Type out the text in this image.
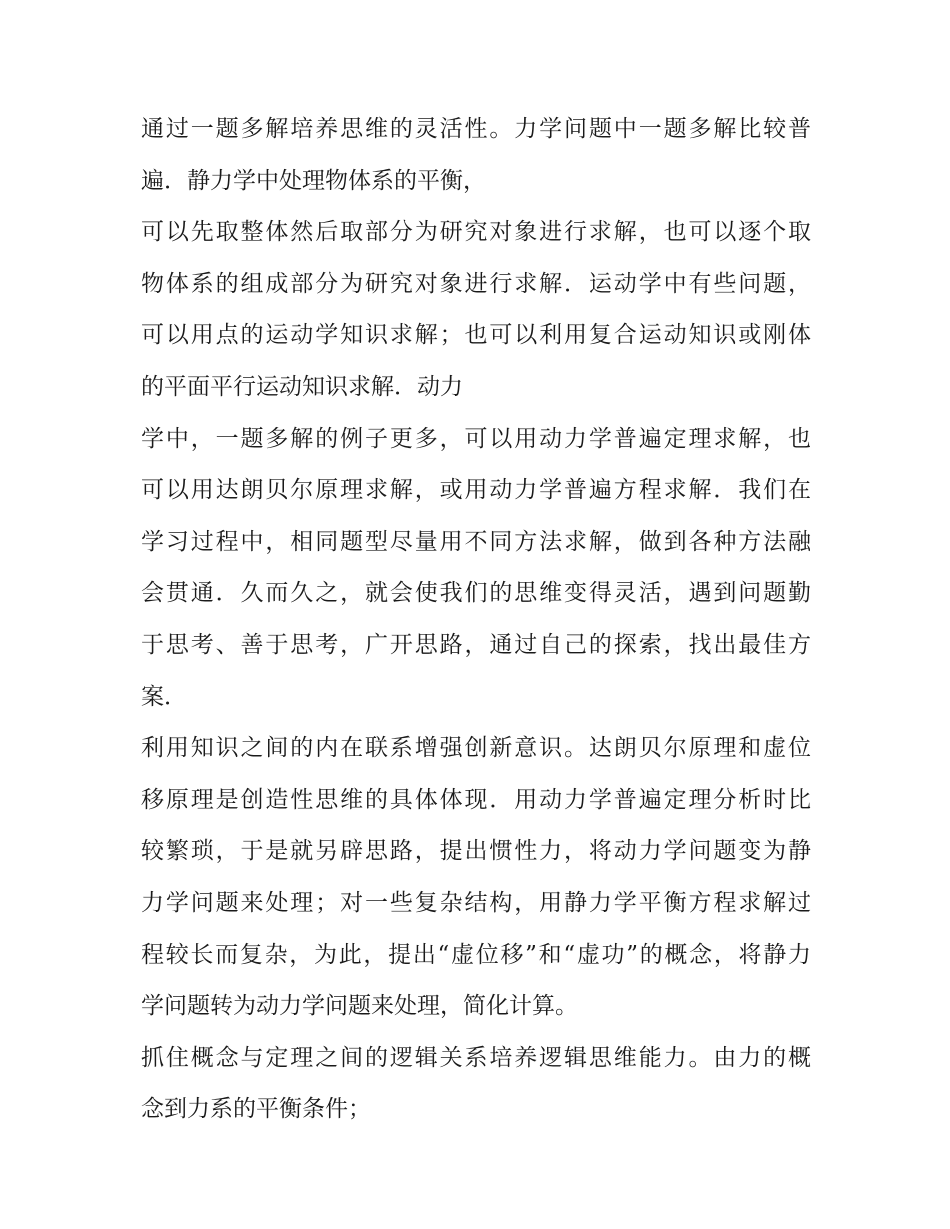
通过一题多解培养思维的灵活性。力学问题中一题多解比较普
遍．静力学中处理物体系的平衡，
可以先取整体然后取部分为研究对象进行求解，也可以逐个取
物体系的组成部分为研究对象进行求解．运动学中有些问题，
可以用点的运动学知识求解；也可以利用复合运动知识或刚体
的平面平行运动知识求解．动力
学中，一题多解的例子更多，可以用动力学普遍定理求解，也
可以用达朗贝尔原理求解，或用动力学普遍方程求解．我们在
学习过程中，相同题型尽量用不同方法求解，做到各种方法融
会贯通．久而久之，就会使我们的思维变得灵活，遇到问题勤
于思考、善于思考，广开思路，通过自己的探索，找出最佳方
案．
利用知识之间的内在联系增强创新意识。达朗贝尔原理和虚位
移原理是创造性思维的具体体现．用动力学普遍定理分析时比
较繁琐，于是就另辟思路，提出惯性力，将动力学问题变为静
力学问题来处理；对一些复杂结构，用静力学平衡方程求解过
程较长而复杂，为此，提出“虚位移”和“虚功”的概念，将静力
学问题转为动力学问题来处理，简化计算。
抓住概念与定理之间的逻辑关系培养逻辑思维能力。由力的概
念到力系的平衡条件；
